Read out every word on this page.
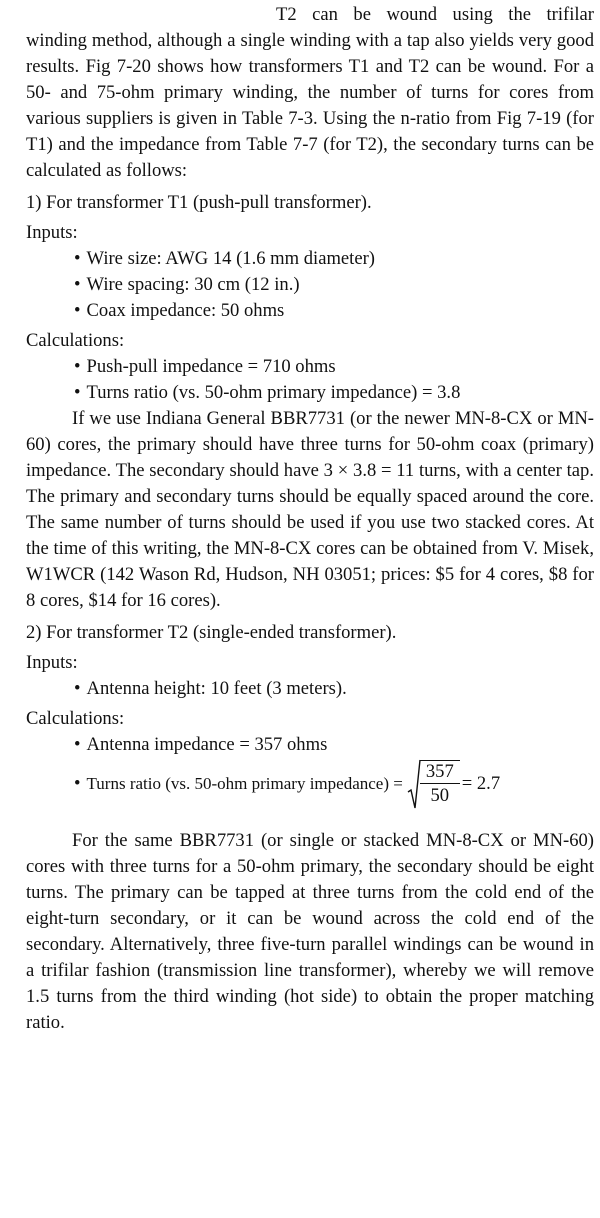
T2 can be wound using the trifilar winding method, although a single winding with a tap also yields very good results. Fig 7-20 shows how transformers T1 and T2 can be wound. For a 50- and 75-ohm primary winding, the number of turns for cores from various suppliers is given in Table 7-3. Using the n-ratio from Fig 7-19 (for T1) and the impedance from Table 7-7 (for T2), the secondary turns can be calculated as follows:

1) For transformer T1 (push-pull transformer).

Inputs:

• Wire size: AWG 14 (1.6 mm diameter)
• Wire spacing: 30 cm (12 in.)
• Coax impedance: 50 ohms

Calculations:

• Push-pull impedance = 710 ohms
• Turns ratio (vs. 50-ohm primary impedance) = 3.8

If we use Indiana General BBR7731 (or the newer MN-8-CX or MN-60) cores, the primary should have three turns for 50-ohm coax (primary) impedance. The secondary should have 3 × 3.8 = 11 turns, with a center tap. The primary and secondary turns should be equally spaced around the core. The same number of turns should be used if you use two stacked cores. At the time of this writing, the MN-8-CX cores can be obtained from V. Misek, W1WCR (142 Wason Rd, Hudson, NH 03051; prices: $5 for 4 cores, $8 for 8 cores, $14 for 16 cores).

2) For transformer T2 (single-ended transformer).

Inputs:

• Antenna height: 10 feet (3 meters).

Calculations:

• Antenna impedance = 357 ohms
• Turns ratio (vs. 50-ohm primary impedance) = $\frac{357}{50} = 2.7$

For the same BBR7731 (or single or stacked MN-8-CX or MN-60) cores with three turns for a 50-ohm primary, the secondary should be eight turns. The primary can be tapped at three turns from the cold end of the eight-turn secondary, or it can be wound across the cold end of the secondary. Alternatively, three five-turn parallel windings can be wound in a trifilar fashion (transmission line transformer), whereby we will remove 1.5 turns from the third winding (hot side) to obtain the proper matching ratio.
